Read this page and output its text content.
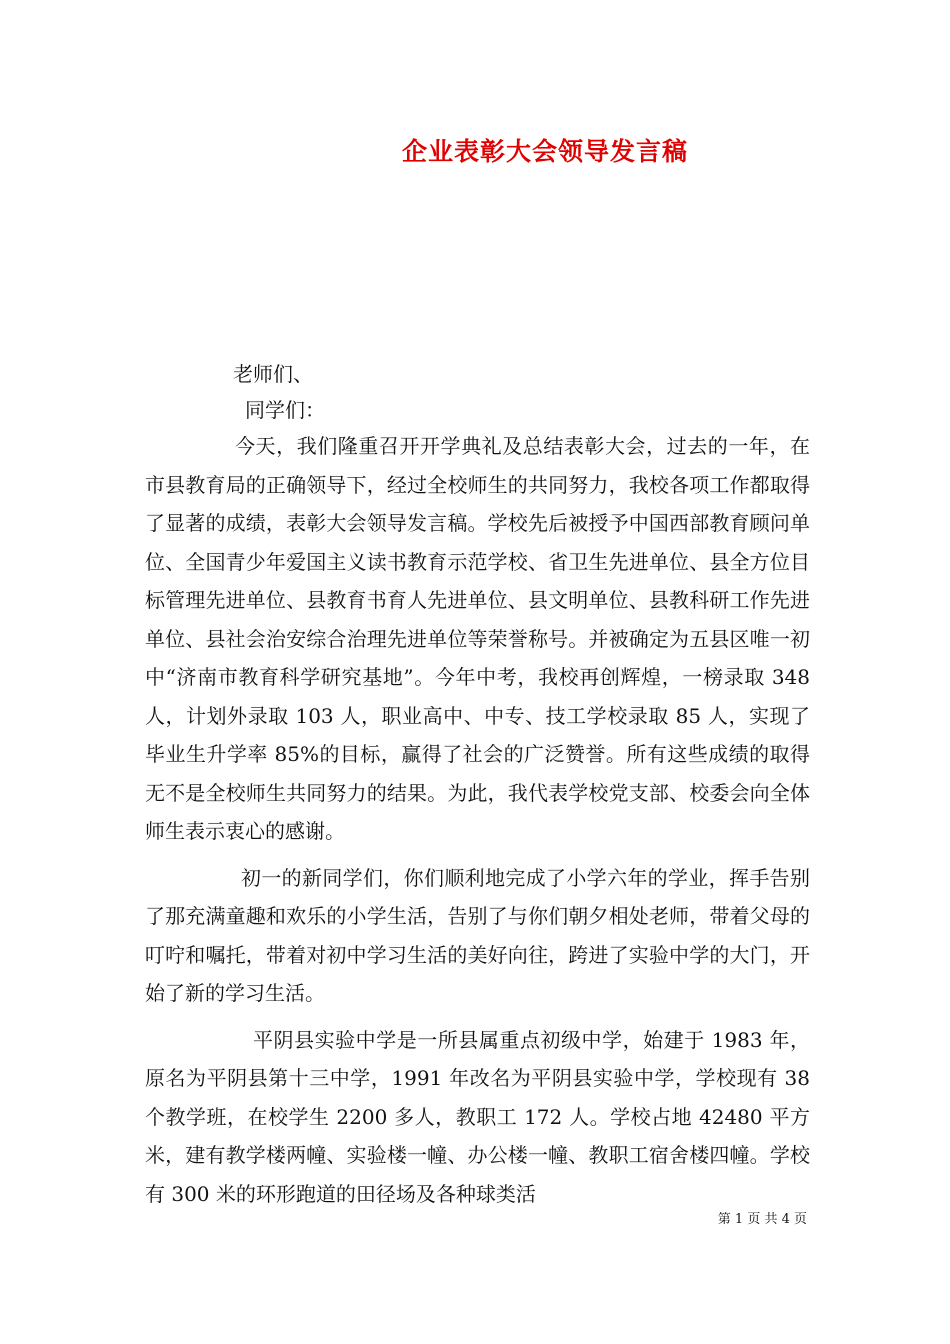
企业表彰大会领导发言稿
老师们、
同学们：

今天，我们隆重召开开学典礼及总结表彰大会，过去的一年，在市县教育局的正确领导下，经过全校师生的共同努力，我校各项工作都取得了显著的成绩，表彰大会领导发言稿。学校先后被授予中国西部教育顾问单位、全国青少年爱国主义读书教育示范学校、省卫生先进单位、县全方位目标管理先进单位、县教育书育人先进单位、县文明单位、县教科研工作先进单位、县社会治安综合治理先进单位等荣誉称号。并被确定为五县区唯一初中“济南市教育科学研究基地”。今年中考，我校再创辉煌，一榜录取 348 人，计划外录取 103 人，职业高中、中专、技工学校录取 85 人，实现了毕业生升学率 85%的目标，赢得了社会的广泛赞誉。所有这些成绩的取得无不是全校师生共同努力的结果。为此，我代表学校党支部、校委会向全体师生表示衷心的感谢。

初一的新同学们，你们顺利地完成了小学六年的学业，挥手告别了那充满童趣和欢乐的小学生活，告别了与你们朝夕相处老师，带着父母的叮咛和嘱托，带着对初中学习生活的美好向往，跨进了实验中学的大门，开始了新的学习生活。

平阴县实验中学是一所县属重点初级中学，始建于 1983 年，原名为平阴县第十三中学，1991 年改名为平阴县实验中学，学校现有 38 个教学班，在校学生 2200 多人，教职工 172 人。学校占地 42480 平方米，建有教学楼两幢、实验楼一幢、办公楼一幢、教职工宿舍楼四幢。学校有 300 米的环形跑道的田径场及各种球类活

第 1 页 共 4 页
